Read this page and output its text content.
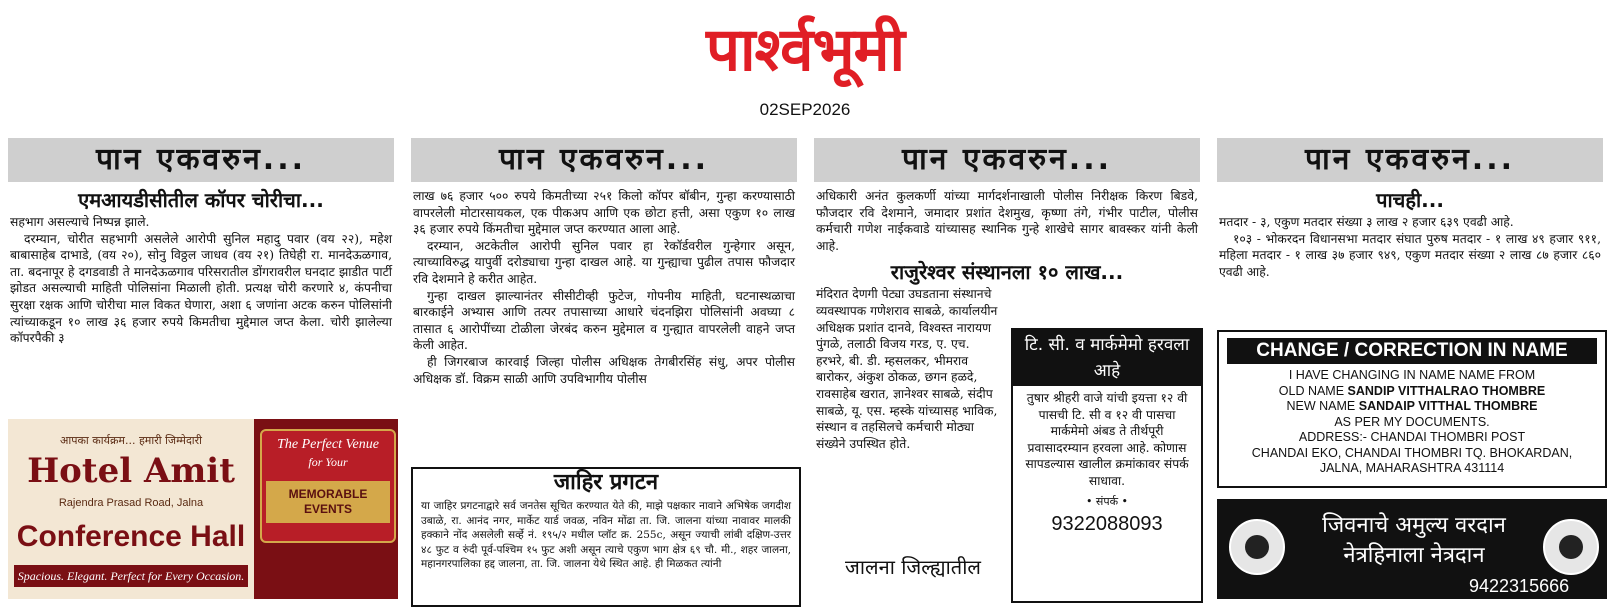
पार्श्वभूमी
02SEP2026
पान एकवरुन...
एमआयडीसीतील कॉपर चोरीचा...

सहभाग असल्याचे निष्पन्न झाले.

दरम्यान, चोरीत सहभागी असलेले आरोपी सुनिल महादु पवार (वय २२), महेश बाबासाहेब दाभाडे, (वय २०), सोनु विठ्ठल जाधव (वय २१) तिघेही रा. मानदेऊळगाव, ता. बदनापूर हे दगडवाडी ते मानदेऊळगाव परिसरातील डोंगरावरील घनदाट झाडीत पार्टी झोडत असल्याची माहिती पोलिसांना मिळाली होती. प्रत्यक्ष चोरी करणारे ४, कंपनीचा सुरक्षा रक्षक आणि चोरीचा माल विकत घेणारा, अशा ६ जणांना अटक करुन पोलिसांनी त्यांच्याकडून १० लाख ३६ हजार रुपये किमतीचा मुद्देमाल जप्त केला. चोरी झालेल्या कॉपरपैकी ३

पान एकवरुन...

लाख ७६ हजार ५०० रुपये किमतीच्या २५१ किलो कॉपर बॉबीन, गुन्हा करण्यासाठी वापरलेली मोटारसायकल, एक पीकअप आणि एक छोटा हत्ती, असा एकुण १० लाख ३६ हजार रुपये किंमतीचा मुद्देमाल जप्त करण्यात आला आहे.

दरम्यान, अटकेतील आरोपी सुनिल पवार हा रेकॉर्डवरील गुन्हेगार असून, त्याच्याविरुद्ध यापुर्वी दरोड्याचा गुन्हा दाखल आहे. या गुन्ह्याचा पुढील तपास फौजदार रवि देशमाने हे करीत आहेत.

गुन्हा दाखल झाल्यानंतर सीसीटीव्ही फुटेज, गोपनीय माहिती, घटनास्थळाचा बारकाईने अभ्यास आणि तत्पर तपासाच्या आधारे चंदनझिरा पोलिसांनी अवघ्या ८ तासात ६ आरोपींच्या टोळीला जेरबंद करुन मुद्देमाल व गुन्ह्यात वापरलेली वाहने जप्त केली आहेत.

ही जिगरबाज कारवाई जिल्हा पोलीस अधिक्षक तेगबीरसिंह संधु, अपर पोलीस अधिक्षक डॉ. विक्रम साळी आणि उपविभागीय पोलीस

पान एकवरुन...

अधिकारी अनंत कुलकर्णी यांच्या मार्गदर्शनाखाली पोलीस निरीक्षक किरण बिडवे, फौजदार रवि देशमाने, जमादार प्रशांत देशमुख, कृष्णा तंगे, गंभीर पाटील, पोलीस कर्मचारी गणेश नाईकवाडे यांच्यासह स्थानिक गुन्हे शाखेचे सागर बावस्कर यांनी केली आहे.

राजुरेश्वर संस्थानला १० लाख...
मंदिरात देणगी पेट्या उघडताना संस्थानचे व्यवस्थापक गणेशराव साबळे, कार्यालयीन अधिक्षक प्रशांत दानवे, विश्वस्त नारायण पुंगळे, तलाठी विजय गरड, ए. एच. हरभरे, बी. डी. म्हसलकर, भीमराव बारोकर, अंकुश ठोकळ, छगन हळदे, रावसाहेब खरात, ज्ञानेश्वर साबळे, संदीप साबळे, यू. एस. म्हस्के यांच्यासह भाविक, संस्थान व तहसिलचे कर्मचारी मोठ्या संख्येने उपस्थित होते.
जालना जिल्ह्यातील
पान एकवरुन...
पाचही...

मतदार - ३, एकुण मतदार संख्या ३ लाख २ हजार ६३९ एवढी आहे.

१०३ - भोकरदन विधानसभा मतदार संघात पुरुष मतदार - १ लाख ४९ हजार ९११, महिला मतदार - १ लाख ३७ हजार ९४९, एकुण मतदार संख्या २ लाख ८७ हजार ८६० एवढी आहे.

आपका कार्यक्रम... हमारी जिम्मेदारी
Hotel Amit
Rajendra Prasad Road, Jalna
Conference Hall
Spacious. Elegant. Perfect for Every Occasion.
The Perfect Venue
for Your
MEMORABLE EVENTS
जाहिर प्रगटन
या जाहिर प्रगटनाद्वारे सर्व जनतेस सूचित करण्यात येते की, माझे पक्षकार नावाने अभिषेक जगदीश उबाळे, रा. आनंद नगर, मार्केट यार्ड जवळ, नविन मोंढा ता. जि. जालना यांच्या नावावर मालकी हक्काने नोंद असलेली सर्व्हे नं. १९५/२ मधील प्लॉट क्र. 255c, असून ज्याची लांबी दक्षिण-उत्तर ४८ फुट व रुंदी पूर्व-पश्चिम १५ फुट अशी असून त्याचे एकुण भाग क्षेत्र ६९ चौ. मी., शहर जालना, महानगरपालिका हद्द जालना, ता. जि. जालना येथे स्थित आहे. ही मिळकत त्यांनी
टि. सी. व मार्कमेमो हरवला आहे
तुषार श्रीहरी वाजे यांची इयत्ता १२ वी पासची टि. सी व १२ वी पासचा मार्कमेमो अंबड ते तीर्थपूरी प्रवासादरम्यान हरवला आहे. कोणास सापडल्यास खालील क्रमांकावर संपर्क साधावा.
• संपर्क •
9322088093
CHANGE / CORRECTION IN NAME
I HAVE CHANGING IN NAME NAME FROM
OLD NAME SANDIP VITTHALRAO THOMBRE
NEW NAME SANDAIP VITTHAL THOMBRE
AS PER MY DOCUMENTS.
ADDRESS:- CHANDAI THOMBRI POST
CHANDAI EKO, CHANDAI THOMBRI TQ. BHOKARDAN,
JALNA, MAHARASHTRA 431114
जिवनाचे अमुल्य वरदान
नेत्रहिनाला नेत्रदान
9422315666
